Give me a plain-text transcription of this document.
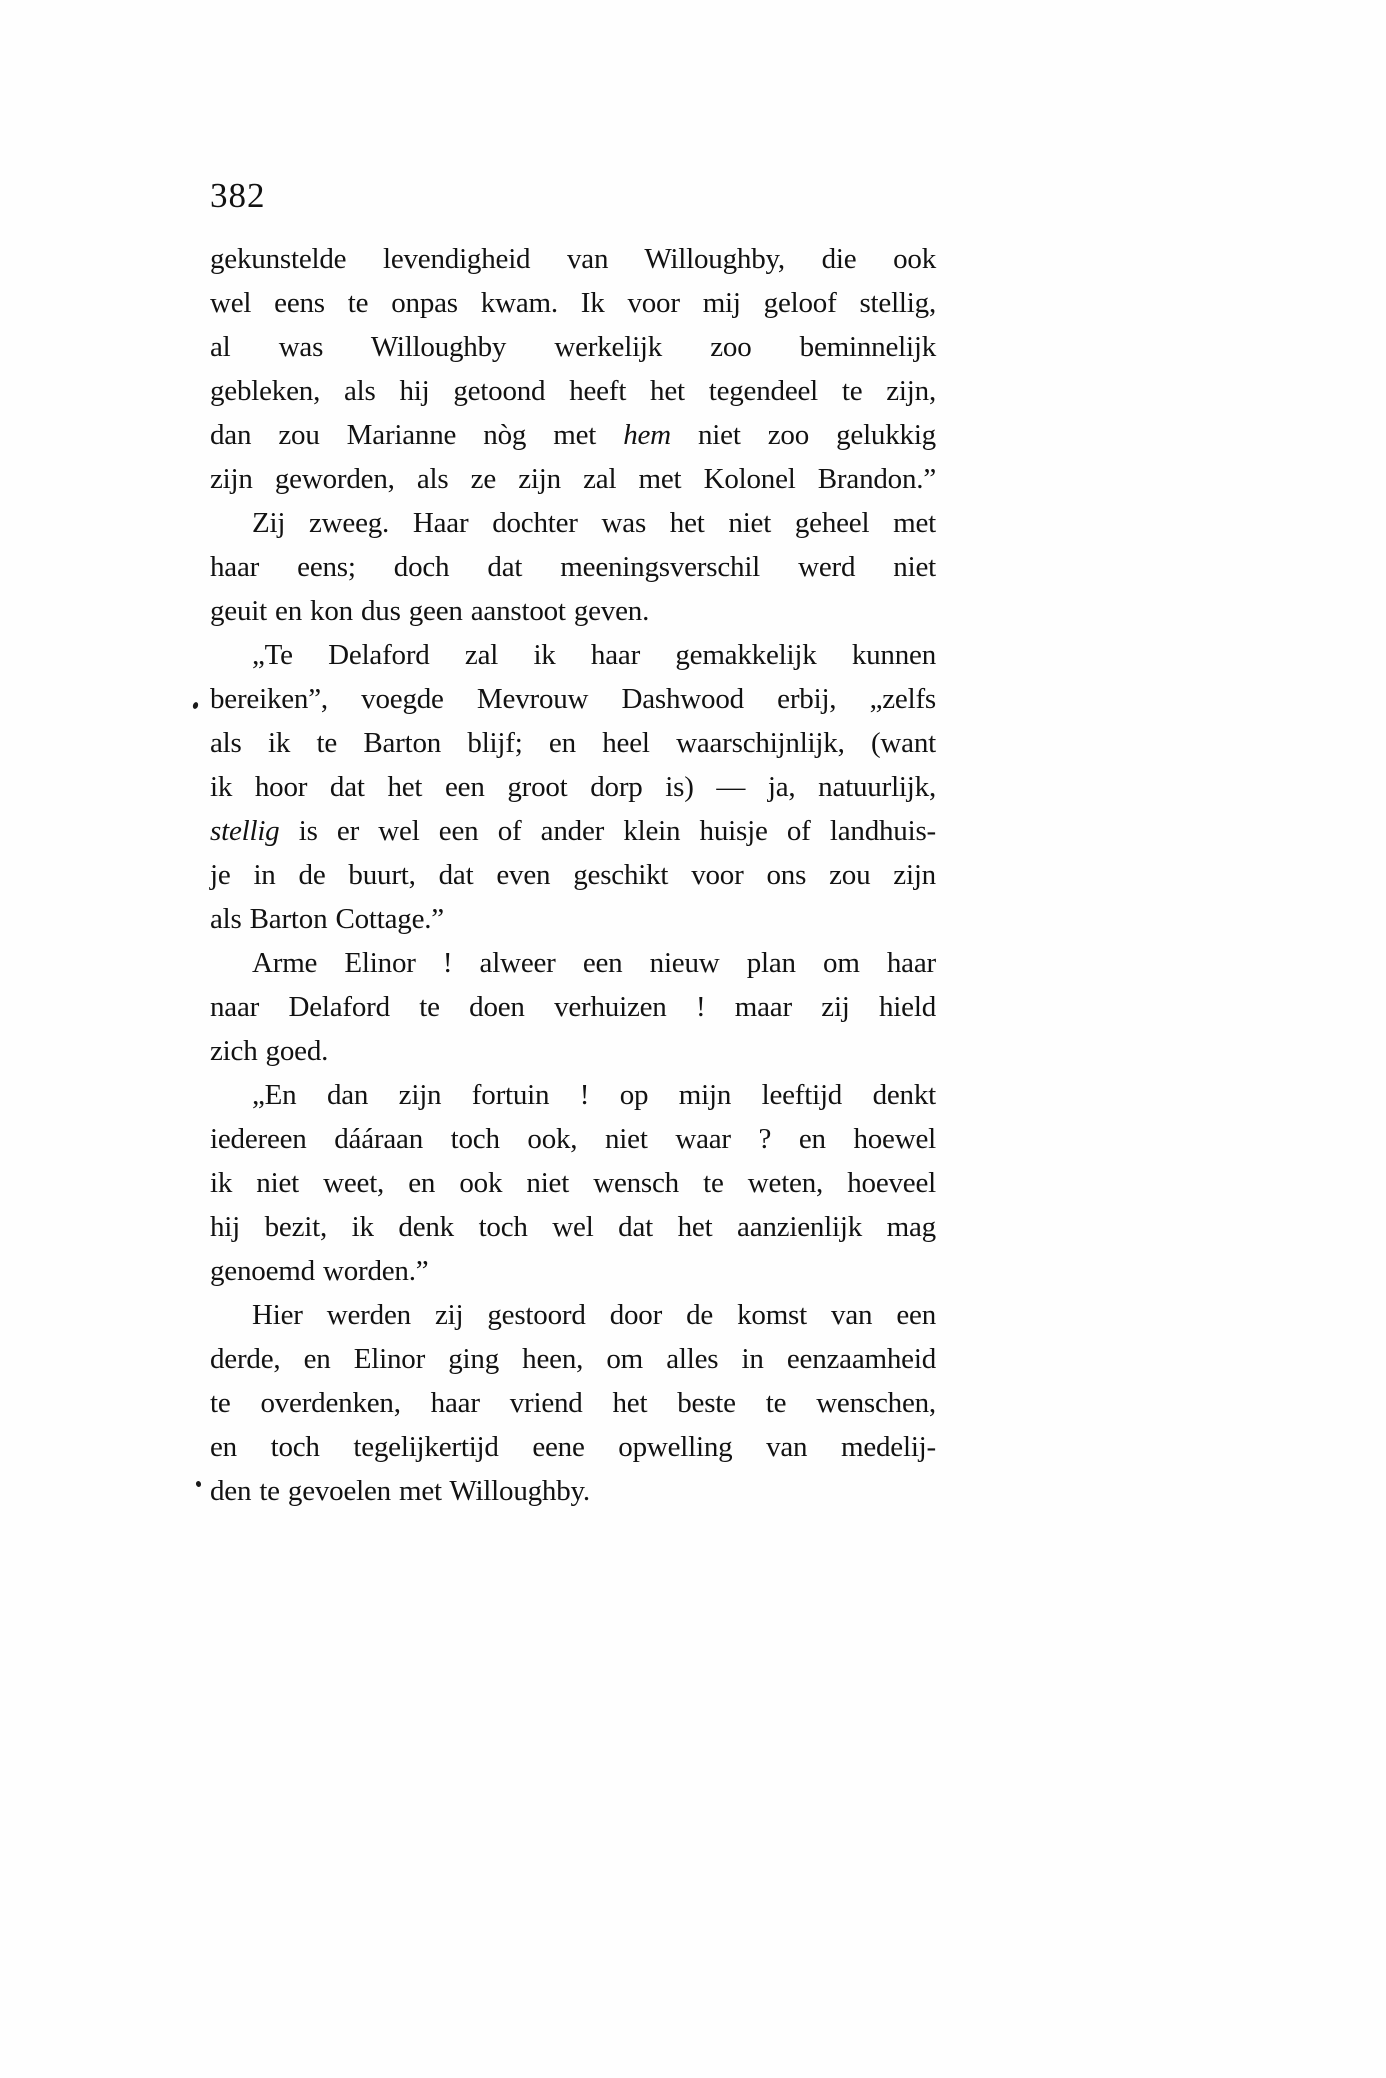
382
gekunstelde levendigheid van Willoughby, die ook
wel eens te onpas kwam. Ik voor mij geloof stellig,
al was Willoughby werkelijk zoo beminnelijk
gebleken, als hij getoond heeft het tegendeel te zijn,
dan zou Marianne nòg met hem niet zoo gelukkig
zijn geworden, als ze zijn zal met Kolonel Brandon.”
Zij zweeg. Haar dochter was het niet geheel met
haar eens; doch dat meeningsverschil werd niet
geuit en kon dus geen aanstoot geven.
„Te Delaford zal ik haar gemakkelijk kunnen
bereiken”, voegde Mevrouw Dashwood erbij, „zelfs
als ik te Barton blijf; en heel waarschijnlijk, (want
ik hoor dat het een groot dorp is) — ja, natuurlijk,
stellig is er wel een of ander klein huisje of landhuis-
je in de buurt, dat even geschikt voor ons zou zijn
als Barton Cottage.”
Arme Elinor ! alweer een nieuw plan om haar
naar Delaford te doen verhuizen ! maar zij hield
zich goed.
„En dan zijn fortuin ! op mijn leeftijd denkt
iedereen dááraan toch ook, niet waar ? en hoewel
ik niet weet, en ook niet wensch te weten, hoeveel
hij bezit, ik denk toch wel dat het aanzienlijk mag
genoemd worden.”
Hier werden zij gestoord door de komst van een
derde, en Elinor ging heen, om alles in eenzaamheid
te overdenken, haar vriend het beste te wenschen,
en toch tegelijkertijd eene opwelling van medelij-
den te gevoelen met Willoughby.
